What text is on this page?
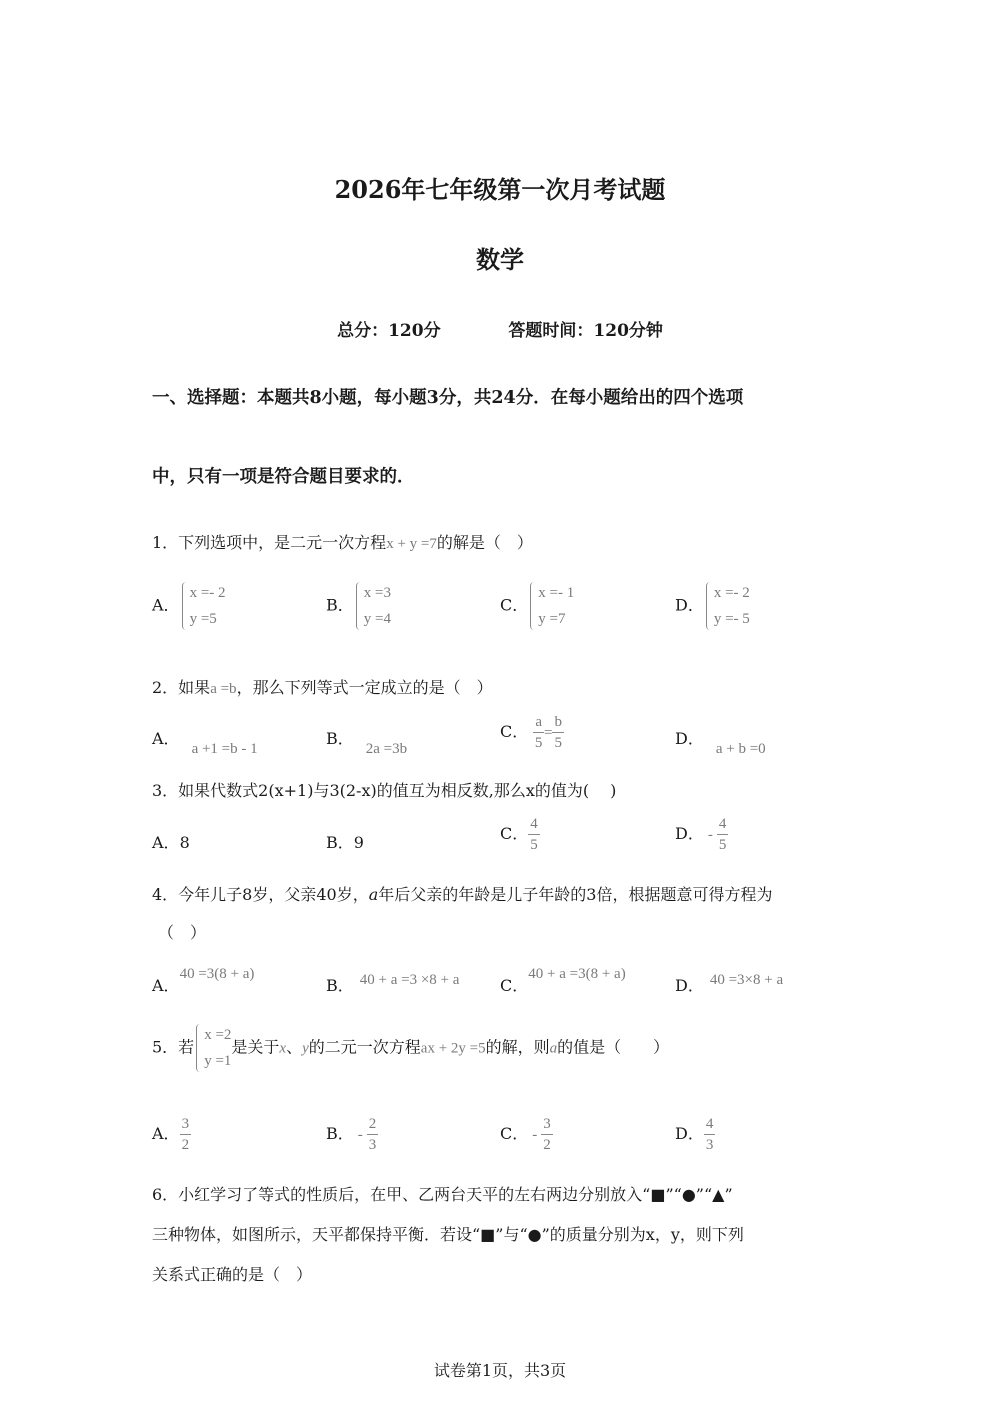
2026年七年级第一次月考试题
数学
总分：120分	答题时间：120分钟
一、选择题：本题共8小题，每小题3分，共24分．在每小题给出的四个选项
中，只有一项是符合题目要求的．
1．下列选项中，是二元一次方程x + y =7的解是（　）
A．
x =- 2
y =5
B．
x =3
y =4
C．
x =- 1
y =7
D．
x =- 2
y =- 5
2．如果a =b，那么下列等式一定成立的是（　）
A．a +1 =b - 1
B．2a =3b
C． $\frac{a}{5} = \frac{b}{5}$	D．a + b =0
3．如果代数式2(x+1)与3(2-x)的值互为相反数,那么x的值为(　 )
A．8	B．9	C． $\frac{4}{5}$	D． - $\frac{4}{5}$
4．今年儿子8岁，父亲40岁，a年后父亲的年龄是儿子年龄的3倍，根据题意可得方程为
（　）
A．40 =3(8 + a)
B． 40 + a =3 ×8 + a	C．40 + a =3(8 + a)
D． 40 =3×8 + a
5．若
x =2
y =1
是关于x、y的二元一次方程ax + 2y =5的解，则a的值是（　　）
A． $\frac{3}{2}$	B． - $\frac{2}{3}$	C． - $\frac{3}{2}$	D． $\frac{4}{3}$
6．小红学习了等式的性质后，在甲、乙两台天平的左右两边分别放入“■”“●”“▲”
三种物体，如图所示，天平都保持平衡．若设“■”与“●”的质量分别为x，y，则下列
关系式正确的是（　）
试卷第1页，共3页
